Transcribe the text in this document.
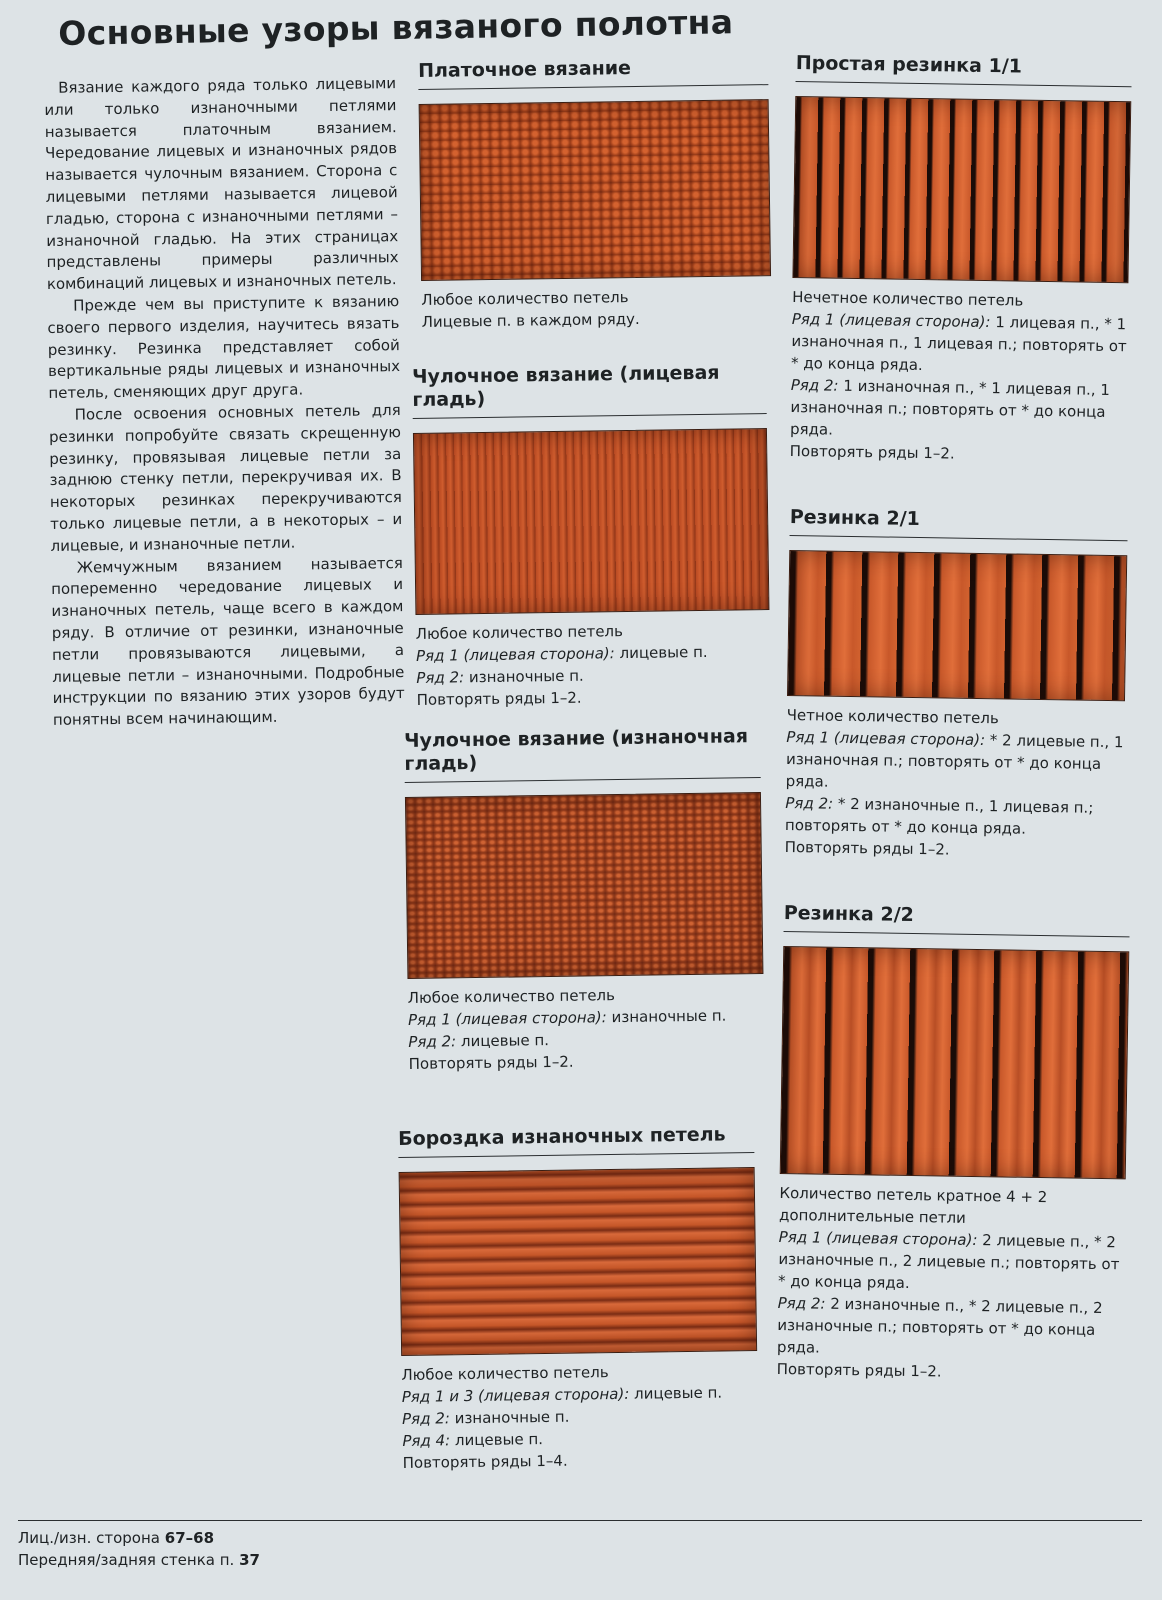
Основные узоры вязаного полотна

Вязание каждого ряда только лицевыми или только изнаночными петлями называется платочным вязанием. Чередование лицевых и изнаночных рядов называется чулочным вязанием. Сторона с лицевыми петлями называется лицевой гладью, сторона с изнаночными петлями – изнаночной гладью. На этих страницах представлены примеры различных комбинаций лицевых и изнаночных петель.

Прежде чем вы приступите к вязанию своего первого изделия, научитесь вязать резинку. Резинка представляет собой вертикальные ряды лицевых и изнаночных петель, сменяющих друг друга.

После освоения основных петель для резинки попробуйте связать скрещенную резинку, провязывая лицевые петли за заднюю стенку петли, перекручивая их. В некоторых резинках перекручиваются только лицевые петли, а в некоторых – и лицевые, и изнаночные петли.

Жемчужным вязанием называется попеременно чередование лицевых и изнаночных петель, чаще всего в каждом ряду. В отличие от резинки, изнаночные петли провязываются лицевыми, а лицевые петли – изнаночными. Подробные инструкции по вязанию этих узоров будут понятны всем начинающим.

Платочное вязание
Любое количество петель
Лицевые п. в каждом ряду.
Чулочное вязание (лицевая гладь)
Любое количество петель
Ряд 1 (лицевая сторона): лицевые п.
Ряд 2: изнаночные п.
Повторять ряды 1–2.
Чулочное вязание (изнаночная гладь)
Любое количество петель
Ряд 1 (лицевая сторона): изнаночные п.
Ряд 2: лицевые п.
Повторять ряды 1–2.
Бороздка изнаночных петель
Любое количество петель
Ряд 1 и 3 (лицевая сторона): лицевые п.
Ряд 2: изнаночные п.
Ряд 4: лицевые п.
Повторять ряды 1–4.
Простая резинка 1/1
Нечетное количество петель
Ряд 1 (лицевая сторона): 1 лицевая п., * 1 изнаночная п., 1 лицевая п.; повторять от * до конца ряда.
Ряд 2: 1 изнаночная п., * 1 лицевая п., 1 изнаночная п.; повторять от * до конца ряда.
Повторять ряды 1–2.
Резинка 2/1
Четное количество петель
Ряд 1 (лицевая сторона): * 2 лицевые п., 1 изнаночная п.; повторять от * до конца ряда.
Ряд 2: * 2 изнаночные п., 1 лицевая п.; повторять от * до конца ряда.
Повторять ряды 1–2.
Резинка 2/2
Количество петель кратное 4 + 2 дополнительные петли
Ряд 1 (лицевая сторона): 2 лицевые п., * 2 изнаночные п., 2 лицевые п.; повторять от * до конца ряда.
Ряд 2: 2 изнаночные п., * 2 лицевые п., 2 изнаночные п.; повторять от * до конца ряда.
Повторять ряды 1–2.
Лиц./изн. сторона 67–68
Передняя/задняя стенка п. 37
